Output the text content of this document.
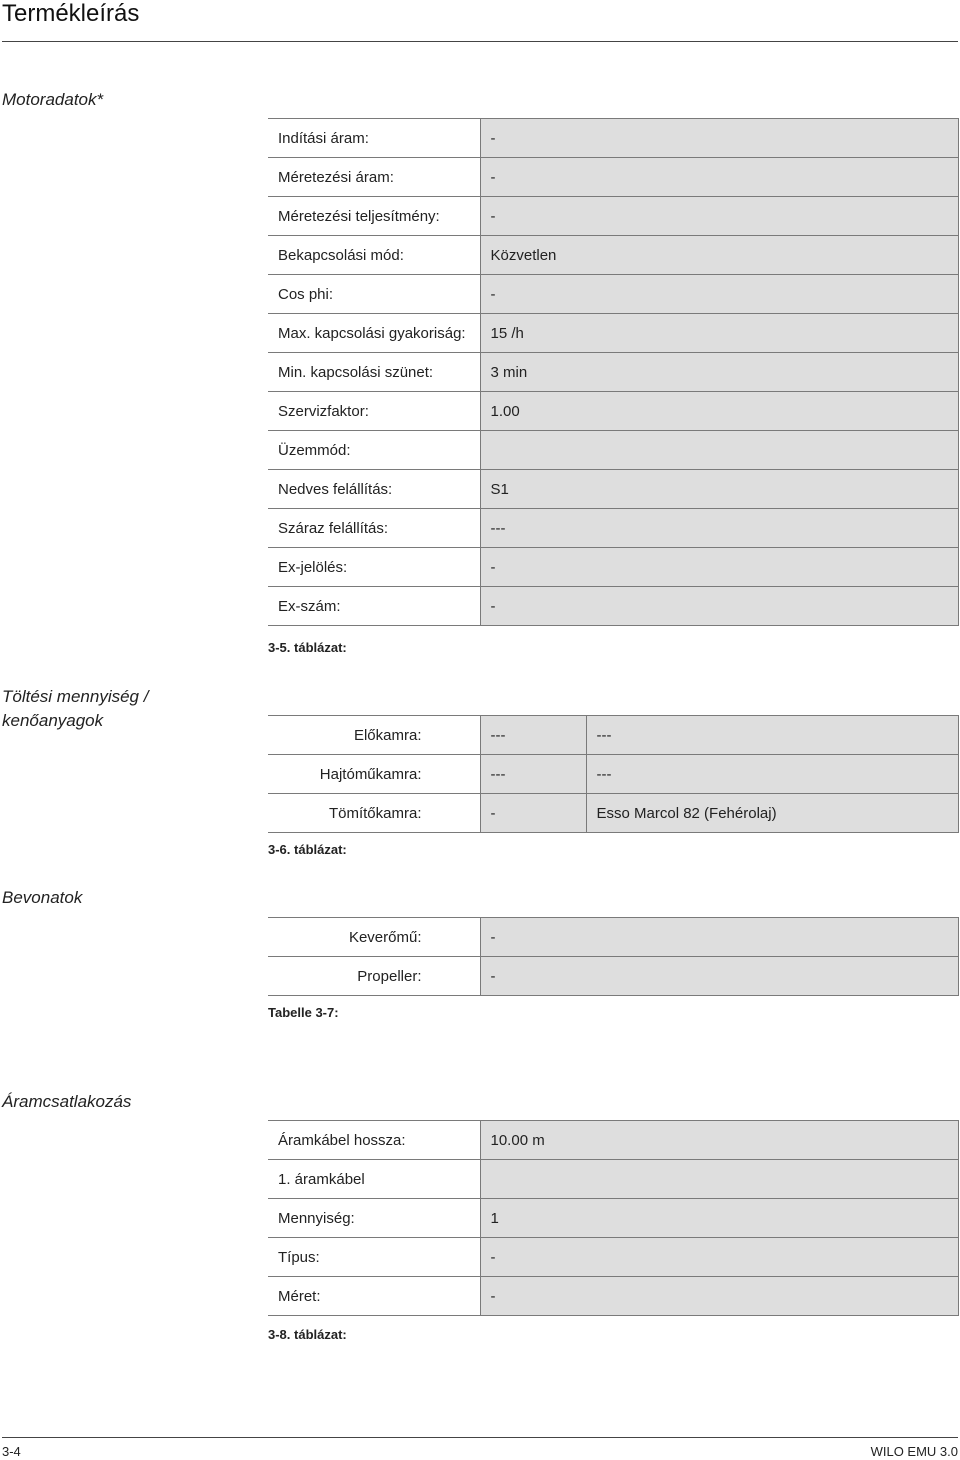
Termékleírás
Motoradatok*
Indítási áram:	-
Méretezési áram:	-
Méretezési teljesítmény:	-
Bekapcsolási mód:	Közvetlen
Cos phi:	-
Max. kapcsolási gyakoriság:	15 /h
Min. kapcsolási szünet:	3 min
Szervizfaktor:	1.00
Üzemmód:	
Nedves felállítás:	S1
Száraz felállítás:	---
Ex-jelölés:	-
Ex-szám:	-
3-5. táblázat:
Töltési mennyiség /
kenőanyagok
Előkamra:	---	---
Hajtóműkamra:	---	---
Tömítőkamra:	-	Esso Marcol 82 (Fehérolaj)
3-6. táblázat:
Bevonatok
Keverőmű:	-
Propeller:	-
Tabelle 3-7:
Áramcsatlakozás
Áramkábel hossza:	10.00 m
1. áramkábel	
Mennyiség:	1
Típus:	-
Méret:	-
3-8. táblázat:
3-4	WILO EMU 3.0
